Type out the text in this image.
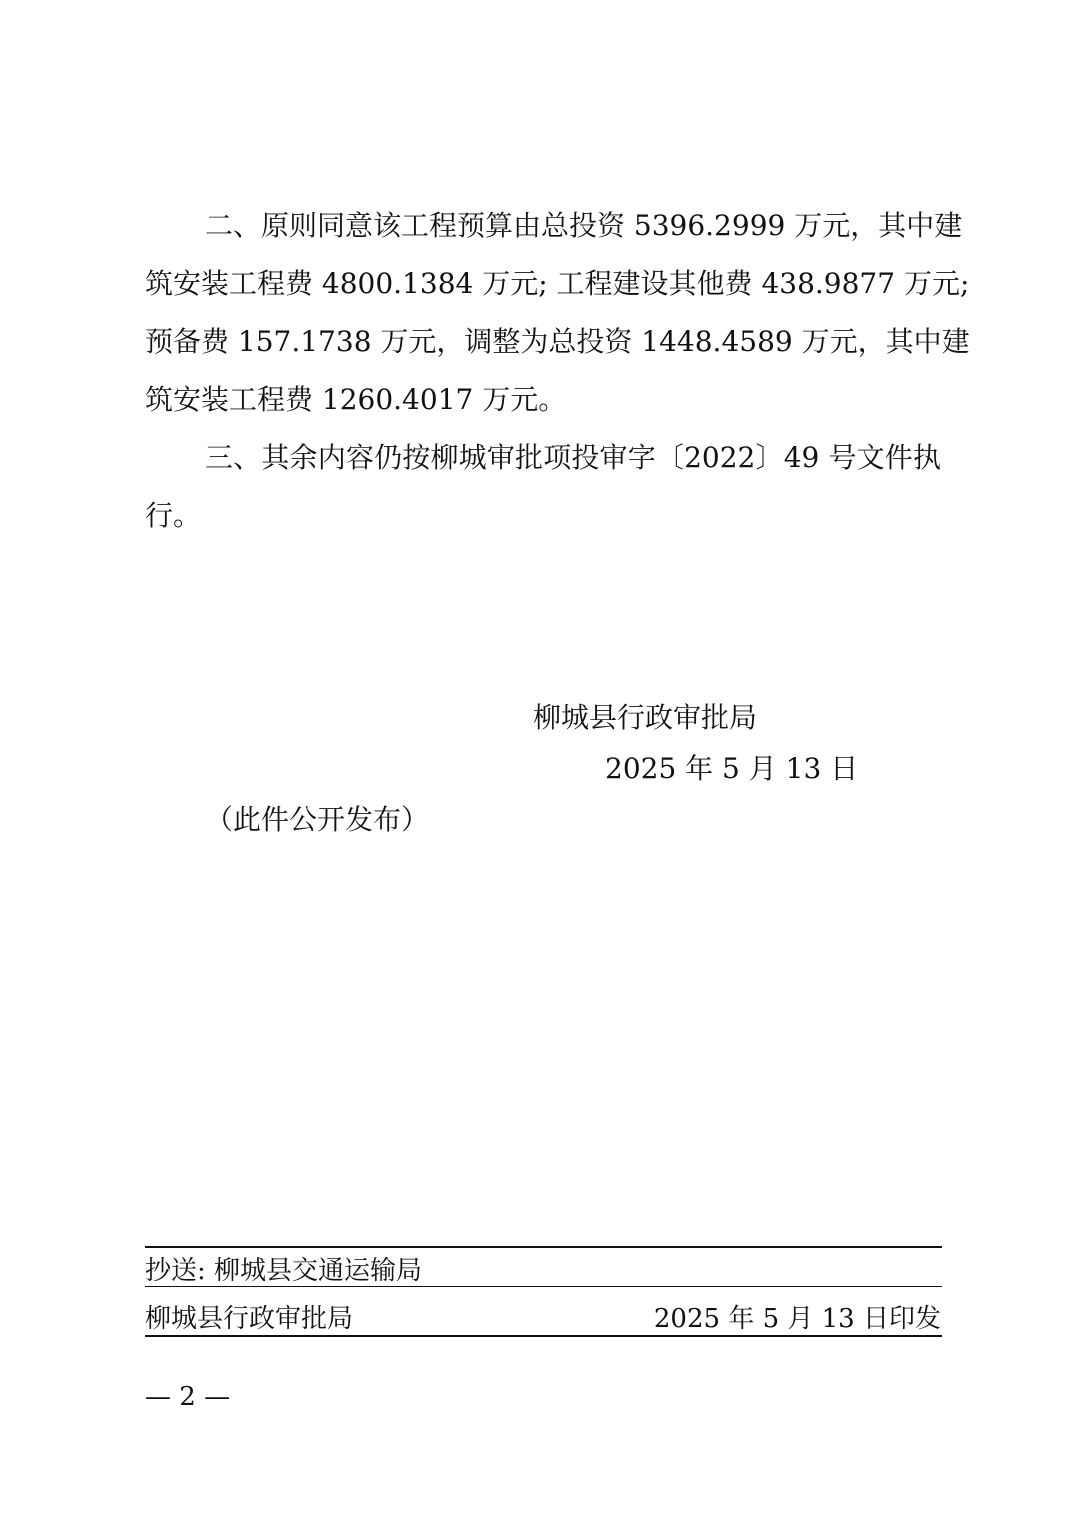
二、原则同意该工程预算由总投资 5396.2999 万元，其中建
筑安装工程费 4800.1384 万元; 工程建设其他费 438.9877 万元;
预备费 157.1738 万元，调整为总投资 1448.4589 万元，其中建
筑安装工程费 1260.4017 万元。
三、其余内容仍按柳城审批项投审字〔2022〕49 号文件执
行。
柳城县行政审批局
2025 年 5 月 13 日
（此件公开发布）
抄送: 柳城县交通运输局
柳城县行政审批局	2025 年 5 月 13 日印发
— 2 —
